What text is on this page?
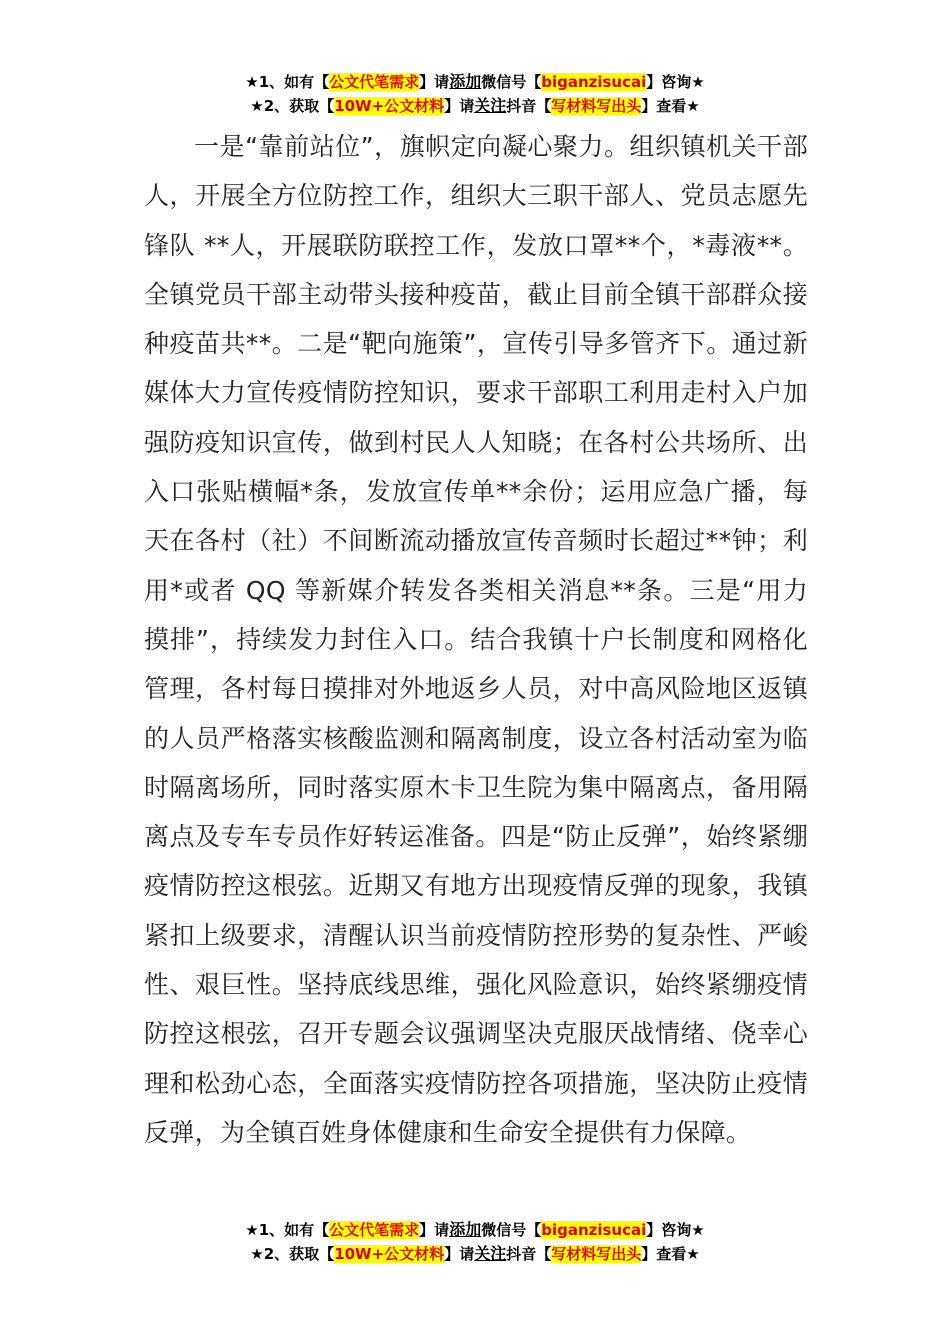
★1、如有【公文代笔需求】请添加微信号【biganzisucai】咨询★
★2、获取【10W+公文材料】请关注抖音【写材料写出头】查看★

一是“靠前站位”，旗帜定向凝心聚力。组织镇机关干部人，开展全方位防控工作，组织大三职干部人、党员志愿先锋队 **人，开展联防联控工作，发放口罩**个，*毒液**。全镇党员干部主动带头接种疫苗，截止目前全镇干部群众接种疫苗共**。二是“靶向施策”，宣传引导多管齐下。通过新媒体大力宣传疫情防控知识，要求干部职工利用走村入户加强防疫知识宣传，做到村民人人知晓；在各村公共场所、出入口张贴横幅*条，发放宣传单**余份；运用应急广播，每天在各村（社）不间断流动播放宣传音频时长超过**钟；利用*或者 QQ 等新媒介转发各类相关消息**条。三是“用力摸排”，持续发力封住入口。结合我镇十户长制度和网格化管理，各村每日摸排对外地返乡人员，对中高风险地区返镇的人员严格落实核酸监测和隔离制度，设立各村活动室为临时隔离场所，同时落实原木卡卫生院为集中隔离点，备用隔离点及专车专员作好转运准备。四是“防止反弹”，始终紧绷疫情防控这根弦。近期又有地方出现疫情反弹的现象，我镇紧扣上级要求，清醒认识当前疫情防控形势的复杂性、严峻性、艰巨性。坚持底线思维，强化风险意识，始终紧绷疫情防控这根弦，召开专题会议强调坚决克服厌战情绪、侥幸心理和松劲心态，全面落实疫情防控各项措施，坚决防止疫情反弹，为全镇百姓身体健康和生命安全提供有力保障。

★1、如有【公文代笔需求】请添加微信号【biganzisucai】咨询★
★2、获取【10W+公文材料】请关注抖音【写材料写出头】查看★
